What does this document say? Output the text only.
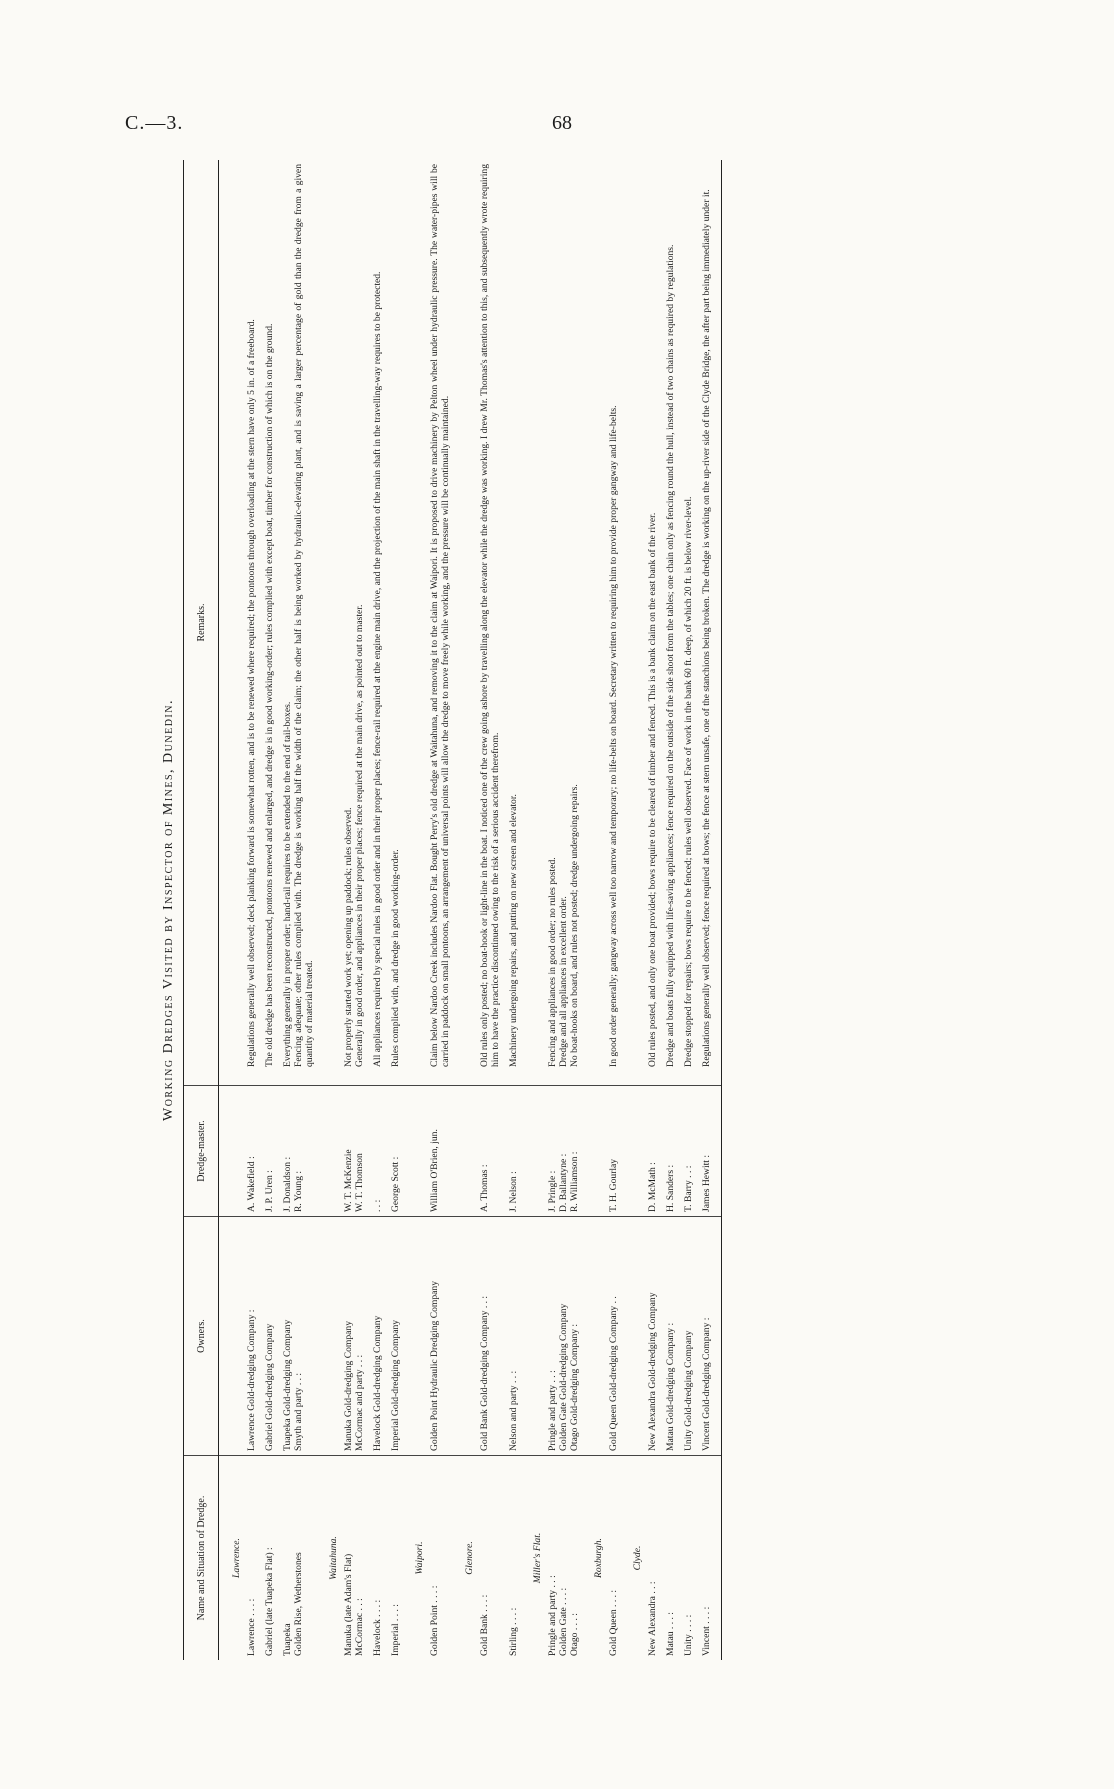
C.—3.	68
Working Dredges Visited by Inspector of Mines, Dunedin.
Name and Situation of Dredge.	Owners.	Dredge-master.	Remarks.

Lawrence.			

Lawrence . . . :	Lawrence Gold-dredging Company :	A. Wakefield :	Regulations generally well observed; deck planking forward is somewhat rotten, and is to be renewed where required; the pontoons through overloading at the stern have only 5 in. of a freeboard.

Gabriel (late Tuapeka Flat) :	Gabriel Gold-dredging Company	J. P. Uren :	The old dredge has been reconstructed, pontoons renewed and enlarged, and dredge is in good working-order; rules complied with except boat, timber for construction of which is on the ground.

Tuapeka Golden Rise, Wetherstones	Tuapeka Gold-dredging Company Smyth and party . . :	J. Donaldson : R. Young :	Everything generally in proper order; hand-rail requires to be extended to the end of tail-boxes. Fencing adequate; other rules complied with. The dredge is working half the width of the claim; the other half is being worked by hydraulic-elevating plant, and is saving a larger percentage of gold than the dredge from a given quantity of material treated.

Waitahuna.			

Manuka (late Adam's Flat) McCormac . . :	Manuka Gold-dredging Company McCormac and party . . :	W. T. McKenzie W. T. Thomson	Not properly started work yet; opening up paddock; rules observed. Generally in good order, and appliances in their proper places; fence required at the main drive, as pointed out to master.

Havelock . . . :	Havelock Gold-dredging Company	. . :	All appliances required by special rules in good order and in their proper places; fence-rail required at the engine main drive, and the projection of the main shaft in the travelling-way requires to be protected.

Imperial . . . :	Imperial Gold-dredging Company	George Scott :	Rules complied with, and dredge in good working-order.

Waipori.			

Golden Point . . . :	Golden Point Hydraulic Dredging Company	William O'Brien, jun.	Claim below Nardoo Creek includes Nardoo Flat. Bought Perry's old dredge at Waitahuna, and removing it to the claim at Waipori. It is proposed to drive machinery by Pelton wheel under hydraulic pressure. The water-pipes will be carried in paddock on small pontoons, an arrangement of universal points will allow the dredge to move freely while working, and the pressure will be continually maintained.

Glenore.			

Gold Bank . . . :	Gold Bank Gold-dredging Company . . :	A. Thomas :	Old rules only posted; no boat-hook or light-line in the boat. I noticed one of the crew going ashore by travelling along the elevator while the dredge was working. I drew Mr. Thomas's attention to this, and subsequently wrote requiring him to have the practice discontinued owing to the risk of a serious accident therefrom.

Stirling . . . :	Nelson and party . . :	J. Nelson :	Machinery undergoing repairs, and putting on new screen and elevator.

Miller's Flat.			

Pringle and party . . : Golden Gate . . . : Otago . . . :	Pringle and party . . : Golden Gate Gold-dredging Company Otago Gold-dredging Company :	J. Pringle : D. Ballantyne : R. Williamson :	Fencing and appliances in good order; no rules posted. Dredge and all appliances in excellent order. No boat-hooks on board, and rules not posted; dredge undergoing repairs.

Roxburgh.			

Gold Queen . . . :	Gold Queen Gold-dredging Company . .	T. H. Gourlay	In good order generally; gangway across well too narrow and temporary; no life-belts on board. Secretary written to requiring him to provide proper gangway and life-belts.

Clyde.			

New Alexandra . . :	New Alexandra Gold-dredging Company	D. McMath :	Old rules posted, and only one boat provided; bows require to be cleared of timber and fenced. This is a bank claim on the east bank of the river.

Matau . . . :	Matau Gold-dredging Company :	H. Sanders :	Dredge and boats fully equipped with life-saving appliances; fence required on the outside of the side shoot from the tables; one chain only as fencing round the hull, instead of two chains as required by regulations.

Unity . . . :	Unity Gold-dredging Company	T. Barry . . :	Dredge stopped for repairs; bows require to be fenced; rules well observed. Face of work in the bank 60 ft. deep, of which 20 ft. is below river-level.

Vincent . . . :	Vincent Gold-dredging Company :	James Hewitt :	Regulations generally well observed; fence required at bows; the fence at stern unsafe, one of the stanchions being broken. The dredge is working on the up-river side of the Clyde Bridge, the after part being immediately under it.
